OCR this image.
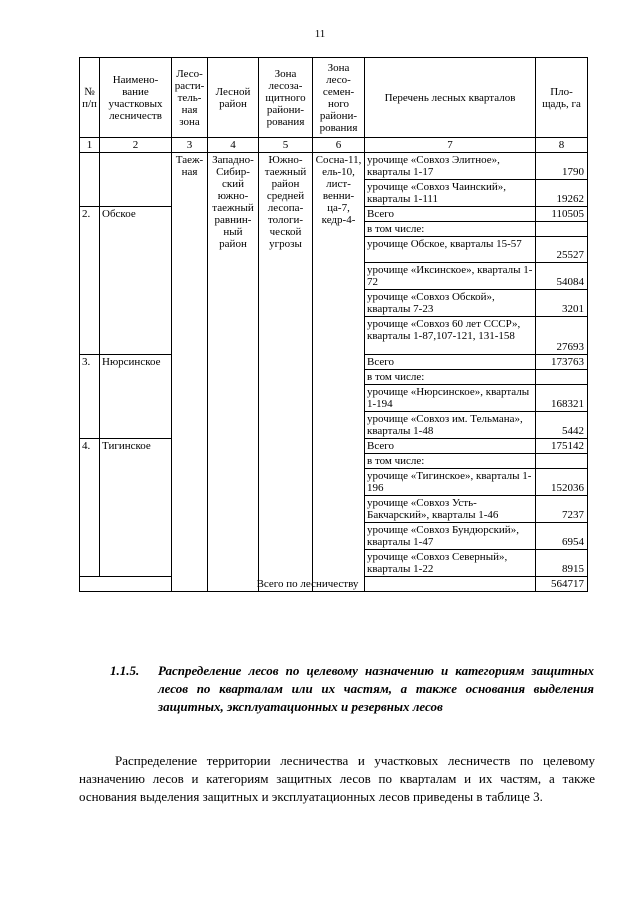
11
№ п/п	Наимено-вание участковых лесничеств	Лесо-расти-тель-ная зона	Лесной район	Зона лесоза-щитного райони-рования	Зона лесо-семен-ного райони-рования	Перечень лесных кварталов	Пло-щадь, га
1	2	3	4	5	6	7	8
		Таеж-ная	Западно-Сибир-ский южно-таежный равнин-ный район	Южно-таежный район средней лесопа-тологи-ческой угрозы	Сосна-11, ель-10, лист-венни-ца-7, кедр-4-	урочище «Совхоз Элитное», кварталы 1-17	1790
						урочище «Совхоз Чаинский», кварталы 1-111	19262
2.	Обское					Всего	110505
						в том числе:	
						урочище Обское, кварталы 15-57	25527
						урочище «Иксинское», кварталы 1-72	54084
						урочище «Совхоз Обской», кварталы 7-23	3201
						урочище «Совхоз 60 лет СССР», кварталы 1-87,107-121, 131-158	27693
3.	Нюрсинское					Всего	173763
						в том числе:	
						урочище «Нюрсинское», кварталы 1-194	168321
						урочище «Совхоз им. Тельмана», кварталы 1-48	5442
4.	Тигинское					Всего	175142
						в том числе:	
						урочище «Тигинское», кварталы 1-196	152036
						урочище «Совхоз Усть-Бакчарский», кварталы 1-46	7237
						урочище «Совхоз Бундюрский», кварталы 1-47	6954
						урочище «Совхоз Северный», кварталы 1-22	8915
Всего по лесничеству							564717
1.1.5. Распределение лесов по целевому назначению и категориям защитных лесов по кварталам или их частям, а также основания выделения защитных, эксплуатационных и резервных лесов
Распределение территории лесничества и участковых лесничеств по целевому назначению лесов и категориям защитных лесов по кварталам и их частям, а также основания выделения защитных и эксплуатационных лесов приведены в таблице 3.
